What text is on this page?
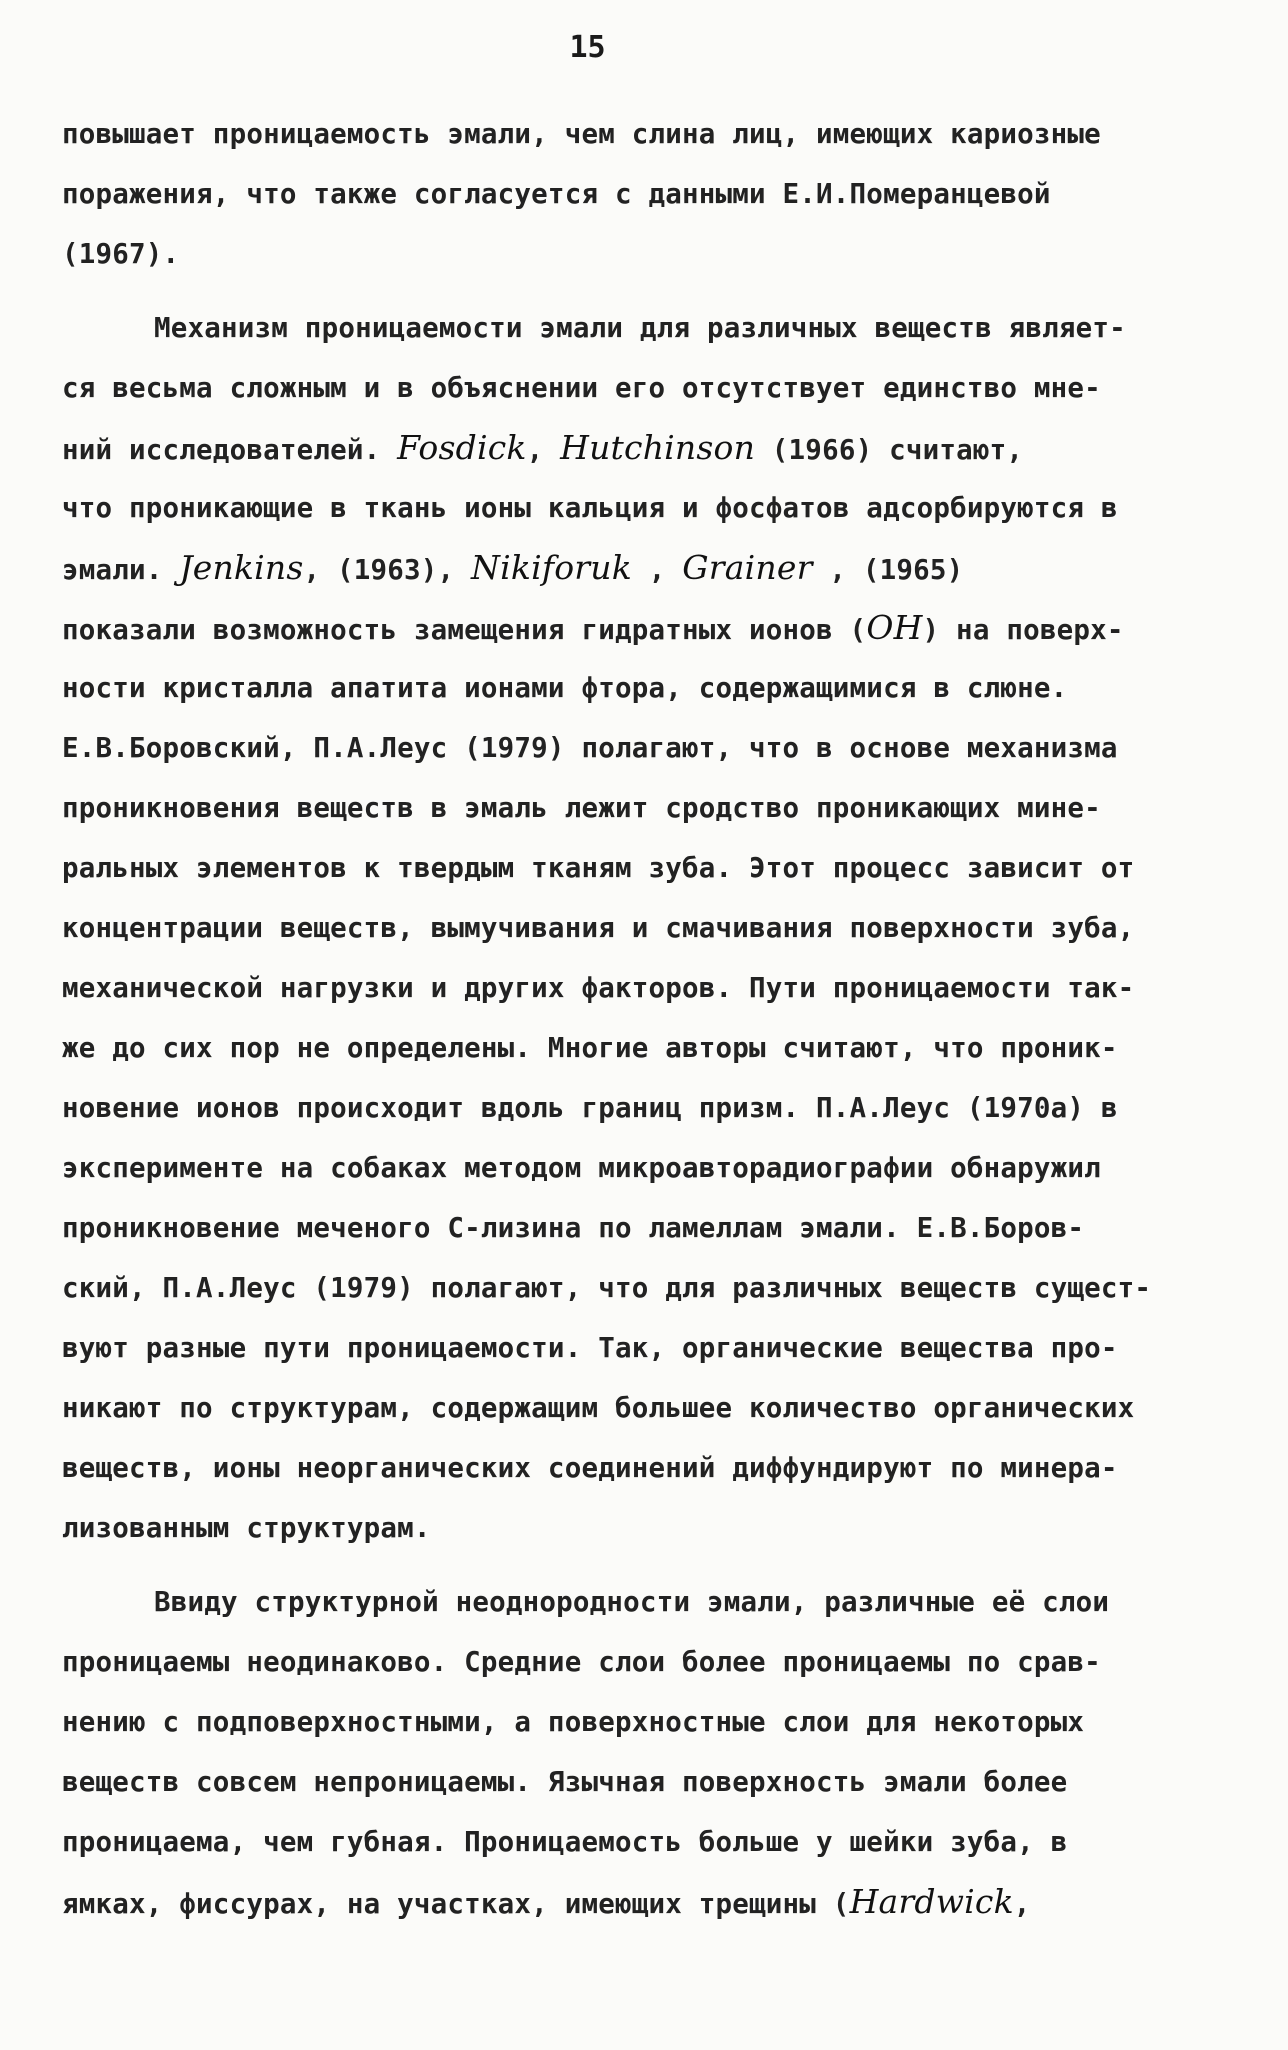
15
повышает проницаемость эмали, чем слина лиц, имеющих кариозные
поражения, что также согласуется с данными Е.И.Померанцевой
(1967).
Механизм проницаемости эмали для различных веществ являет-
ся весьма сложным и в объяснении его отсутствует единство мне-
ний исследователей. Fosdick, Hutchinson (1966) считают,
что проникающие в ткань ионы кальция и фосфатов адсорбируются в
эмали. Jenkins, (1963), Nikiforuk , Grainer , (1965)
показали возможность замещения гидратных ионов (OH) на поверх-
ности кристалла апатита ионами фтора, содержащимися в слюне.
Е.В.Боровский, П.А.Леус (1979) полагают, что в основе механизма
проникновения веществ в эмаль лежит сродство проникающих мине-
ральных элементов к твердым тканям зуба. Этот процесс зависит от
концентрации веществ, вымучивания и смачивания поверхности зуба,
механической нагрузки и других факторов. Пути проницаемости так-
же до сих пор не определены. Многие авторы считают, что проник-
новение ионов происходит вдоль границ призм. П.А.Леус (1970а) в
эксперименте на собаках методом микроавторадиографии обнаружил
проникновение меченого С-лизина по ламеллам эмали. Е.В.Боров-
ский, П.А.Леус (1979) полагают, что для различных веществ сущест-
вуют разные пути проницаемости. Так, органические вещества про-
никают по структурам, содержащим большее количество органических
веществ, ионы неорганических соединений диффундируют по минера-
лизованным структурам.
Ввиду структурной неоднородности эмали, различные её слои
проницаемы неодинаково. Средние слои более проницаемы по срав-
нению с подповерхностными, а поверхностные слои для некоторых
веществ совсем непроницаемы. Язычная поверхность эмали более
проницаема, чем губная. Проницаемость больше у шейки зуба, в
ямках, фиссурах, на участках, имеющих трещины (Hardwick,
